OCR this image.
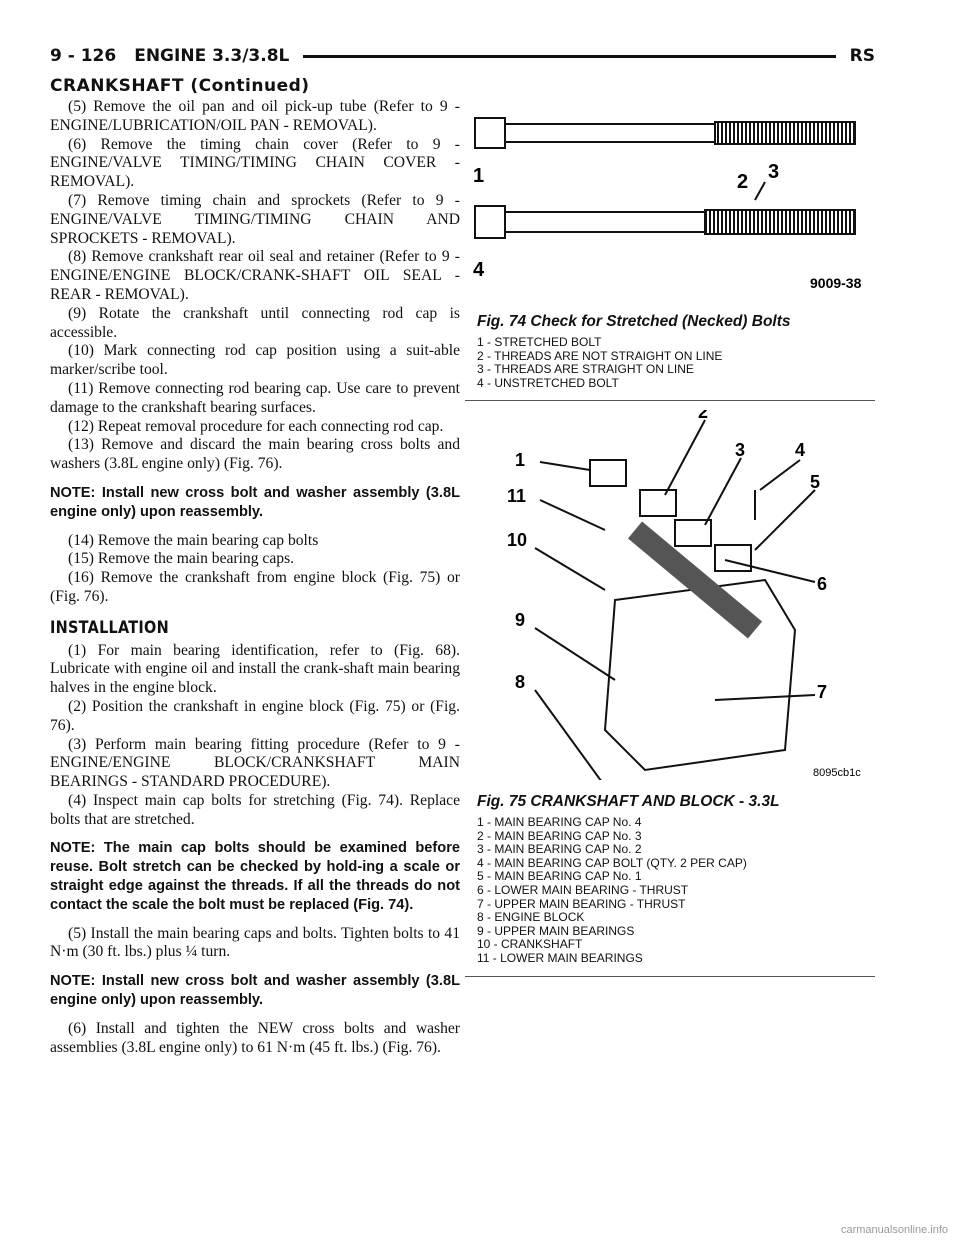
9 - 126 ENGINE 3.3/3.8L	RS
CRANKSHAFT (Continued)

(5) Remove the oil pan and oil pick-up tube (Refer to 9 - ENGINE/LUBRICATION/OIL PAN - REMOVAL).

(6) Remove the timing chain cover (Refer to 9 - ENGINE/VALVE TIMING/TIMING CHAIN COVER - REMOVAL).

(7) Remove timing chain and sprockets (Refer to 9 - ENGINE/VALVE TIMING/TIMING CHAIN AND SPROCKETS - REMOVAL).

(8) Remove crankshaft rear oil seal and retainer (Refer to 9 - ENGINE/ENGINE BLOCK/CRANK-SHAFT OIL SEAL - REAR - REMOVAL).

(9) Rotate the crankshaft until connecting rod cap is accessible.

(10) Mark connecting rod cap position using a suit-able marker/scribe tool.

(11) Remove connecting rod bearing cap. Use care to prevent damage to the crankshaft bearing surfaces.

(12) Repeat removal procedure for each connecting rod cap.

(13) Remove and discard the main bearing cross bolts and washers (3.8L engine only) (Fig. 76).

NOTE: Install new cross bolt and washer assembly (3.8L engine only) upon reassembly.

(14) Remove the main bearing cap bolts

(15) Remove the main bearing caps.

(16) Remove the crankshaft from engine block (Fig. 75) or (Fig. 76).

INSTALLATION

(1) For main bearing identification, refer to (Fig. 68). Lubricate with engine oil and install the crank-shaft main bearing halves in the engine block.

(2) Position the crankshaft in engine block (Fig. 75) or (Fig. 76).

(3) Perform main bearing fitting procedure (Refer to 9 - ENGINE/ENGINE BLOCK/CRANKSHAFT MAIN BEARINGS - STANDARD PROCEDURE).

(4) Inspect main cap bolts for stretching (Fig. 74). Replace bolts that are stretched.

NOTE: The main cap bolts should be examined before reuse. Bolt stretch can be checked by hold-ing a scale or straight edge against the threads. If all the threads do not contact the scale the bolt must be replaced (Fig. 74).

(5) Install the main bearing caps and bolts. Tighten bolts to 41 N·m (30 ft. lbs.) plus ¼ turn.

NOTE: Install new cross bolt and washer assembly (3.8L engine only) upon reassembly.

(6) Install and tighten the NEW cross bolts and washer assemblies (3.8L engine only) to 61 N·m (45 ft. lbs.) (Fig. 76).

1	2 3
4
9009-38
Fig. 74 Check for Stretched (Necked) Bolts
1 - STRETCHED BOLT
2 - THREADS ARE NOT STRAIGHT ON LINE
3 - THREADS ARE STRAIGHT ON LINE
4 - UNSTRETCHED BOLT
1
2
3	4
5
6
7
8
9
10
11
8095cb1c
Fig. 75 CRANKSHAFT AND BLOCK - 3.3L
1 - MAIN BEARING CAP No. 4
2 - MAIN BEARING CAP No. 3
3 - MAIN BEARING CAP No. 2
4 - MAIN BEARING CAP BOLT (QTY. 2 PER CAP)
5 - MAIN BEARING CAP No. 1
6 - LOWER MAIN BEARING - THRUST
7 - UPPER MAIN BEARING - THRUST
8 - ENGINE BLOCK
9 - UPPER MAIN BEARINGS
10 - CRANKSHAFT
11 - LOWER MAIN BEARINGS
carmanualsonline.info
